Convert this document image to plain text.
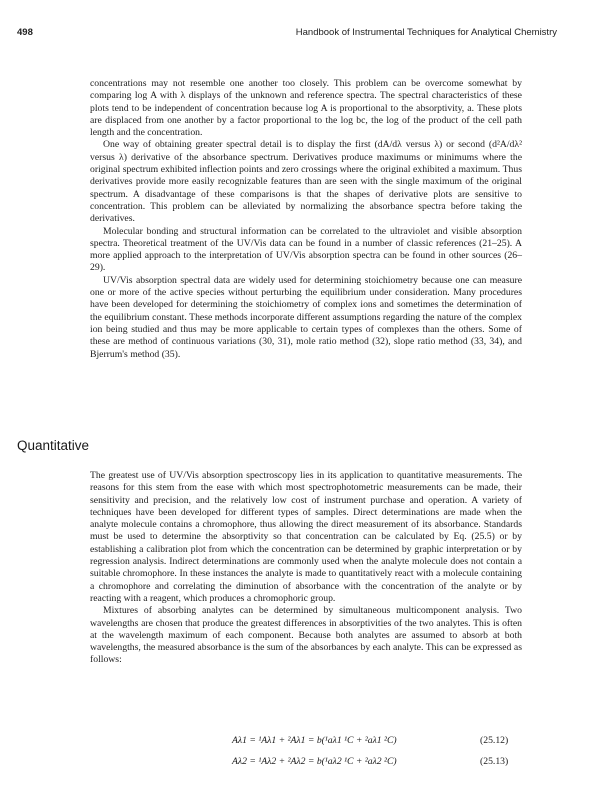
498	Handbook of Instrumental Techniques for Analytical Chemistry

concentrations may not resemble one another too closely. This problem can be overcome somewhat by comparing log A with λ displays of the unknown and reference spectra. The spectral characteristics of these plots tend to be independent of concentration because log A is proportional to the absorptivity, a. These plots are displaced from one another by a factor proportional to the log bc, the log of the product of the cell path length and the concentration.

One way of obtaining greater spectral detail is to display the first (dA/dλ versus λ) or second (d²A/dλ² versus λ) derivative of the absorbance spectrum. Derivatives produce maximums or minimums where the original spectrum exhibited inflection points and zero crossings where the original exhibited a maximum. Thus derivatives provide more easily recognizable features than are seen with the single maximum of the original spectrum. A disadvantage of these comparisons is that the shapes of derivative plots are sensitive to concentration. This problem can be alleviated by normalizing the absorbance spectra before taking the derivatives.

Molecular bonding and structural information can be correlated to the ultraviolet and visible absorption spectra. Theoretical treatment of the UV/Vis data can be found in a number of classic references (21–25). A more applied approach to the interpretation of UV/Vis absorption spectra can be found in other sources (26–29).

UV/Vis absorption spectral data are widely used for determining stoichiometry because one can measure one or more of the active species without perturbing the equilibrium under consideration. Many procedures have been developed for determining the stoichiometry of complex ions and sometimes the determination of the equilibrium constant. These methods incorporate different assumptions regarding the nature of the complex ion being studied and thus may be more applicable to certain types of complexes than the others. Some of these are method of continuous variations (30, 31), mole ratio method (32), slope ratio method (33, 34), and Bjerrum's method (35).

Quantitative

The greatest use of UV/Vis absorption spectroscopy lies in its application to quantitative measurements. The reasons for this stem from the ease with which most spectrophotometric measurements can be made, their sensitivity and precision, and the relatively low cost of instrument purchase and operation. A variety of techniques have been developed for different types of samples. Direct determinations are made when the analyte molecule contains a chromophore, thus allowing the direct measurement of its absorbance. Standards must be used to determine the absorptivity so that concentration can be calculated by Eq. (25.5) or by establishing a calibration plot from which the concentration can be determined by graphic interpretation or by regression analysis. Indirect determinations are commonly used when the analyte molecule does not contain a suitable chromophore. In these instances the analyte is made to quantitatively react with a molecule containing a chromophore and correlating the diminution of absorbance with the concentration of the analyte or by reacting with a reagent, which produces a chromophoric group.

Mixtures of absorbing analytes can be determined by simultaneous multicomponent analysis. Two wavelengths are chosen that produce the greatest differences in absorptivities of the two analytes. This is often at the wavelength maximum of each component. Because both analytes are assumed to absorb at both wavelengths, the measured absorbance is the sum of the absorbances by each analyte. This can be expressed as follows:

Aλ1 = ¹Aλ1 + ²Aλ1 = b(¹aλ1 ¹C + ²aλ1 ²C)	(25.12)
Aλ2 = ¹Aλ2 + ²Aλ2 = b(¹aλ2 ¹C + ²aλ2 ²C)	(25.13)
